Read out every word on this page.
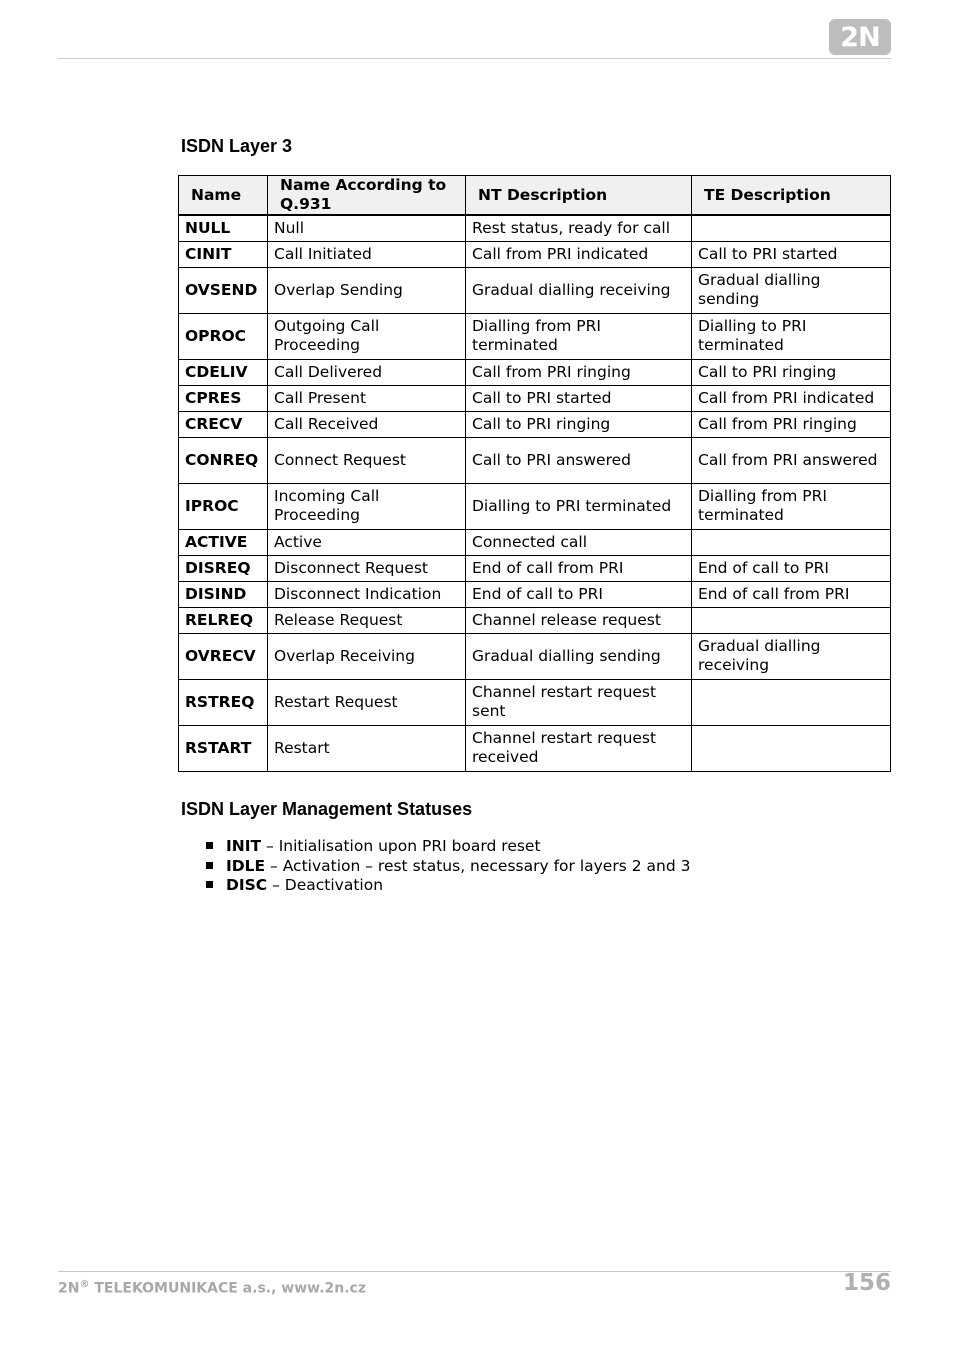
2N
ISDN Layer 3
Name	Name According to Q.931	NT Description	TE Description
NULL	Null	Rest status, ready for call	
CINIT	Call Initiated	Call from PRI indicated	Call to PRI started
OVSEND	Overlap Sending	Gradual dialling receiving	Gradual dialling sending
OPROC	Outgoing Call Proceeding	Dialling from PRI terminated	Dialling to PRI terminated
CDELIV	Call Delivered	Call from PRI ringing	Call to PRI ringing
CPRES	Call Present	Call to PRI started	Call from PRI indicated
CRECV	Call Received	Call to PRI ringing	Call from PRI ringing
CONREQ	Connect Request	Call to PRI answered	Call from PRI answered
IPROC	Incoming Call Proceeding	Dialling to PRI terminated	Dialling from PRI terminated
ACTIVE	Active	Connected call	
DISREQ	Disconnect Request	End of call from PRI	End of call to PRI
DISIND	Disconnect Indication	End of call to PRI	End of call from PRI
RELREQ	Release Request	Channel release request	
OVRECV	Overlap Receiving	Gradual dialling sending	Gradual dialling receiving
RSTREQ	Restart Request	Channel restart request sent	
RSTART	Restart	Channel restart request received	
ISDN Layer Management Statuses
INIT – Initialisation upon PRI board reset
IDLE – Activation – rest status, necessary for layers 2 and 3
DISC – Deactivation
2N® TELEKOMUNIKACE a.s., www.2n.cz	156
